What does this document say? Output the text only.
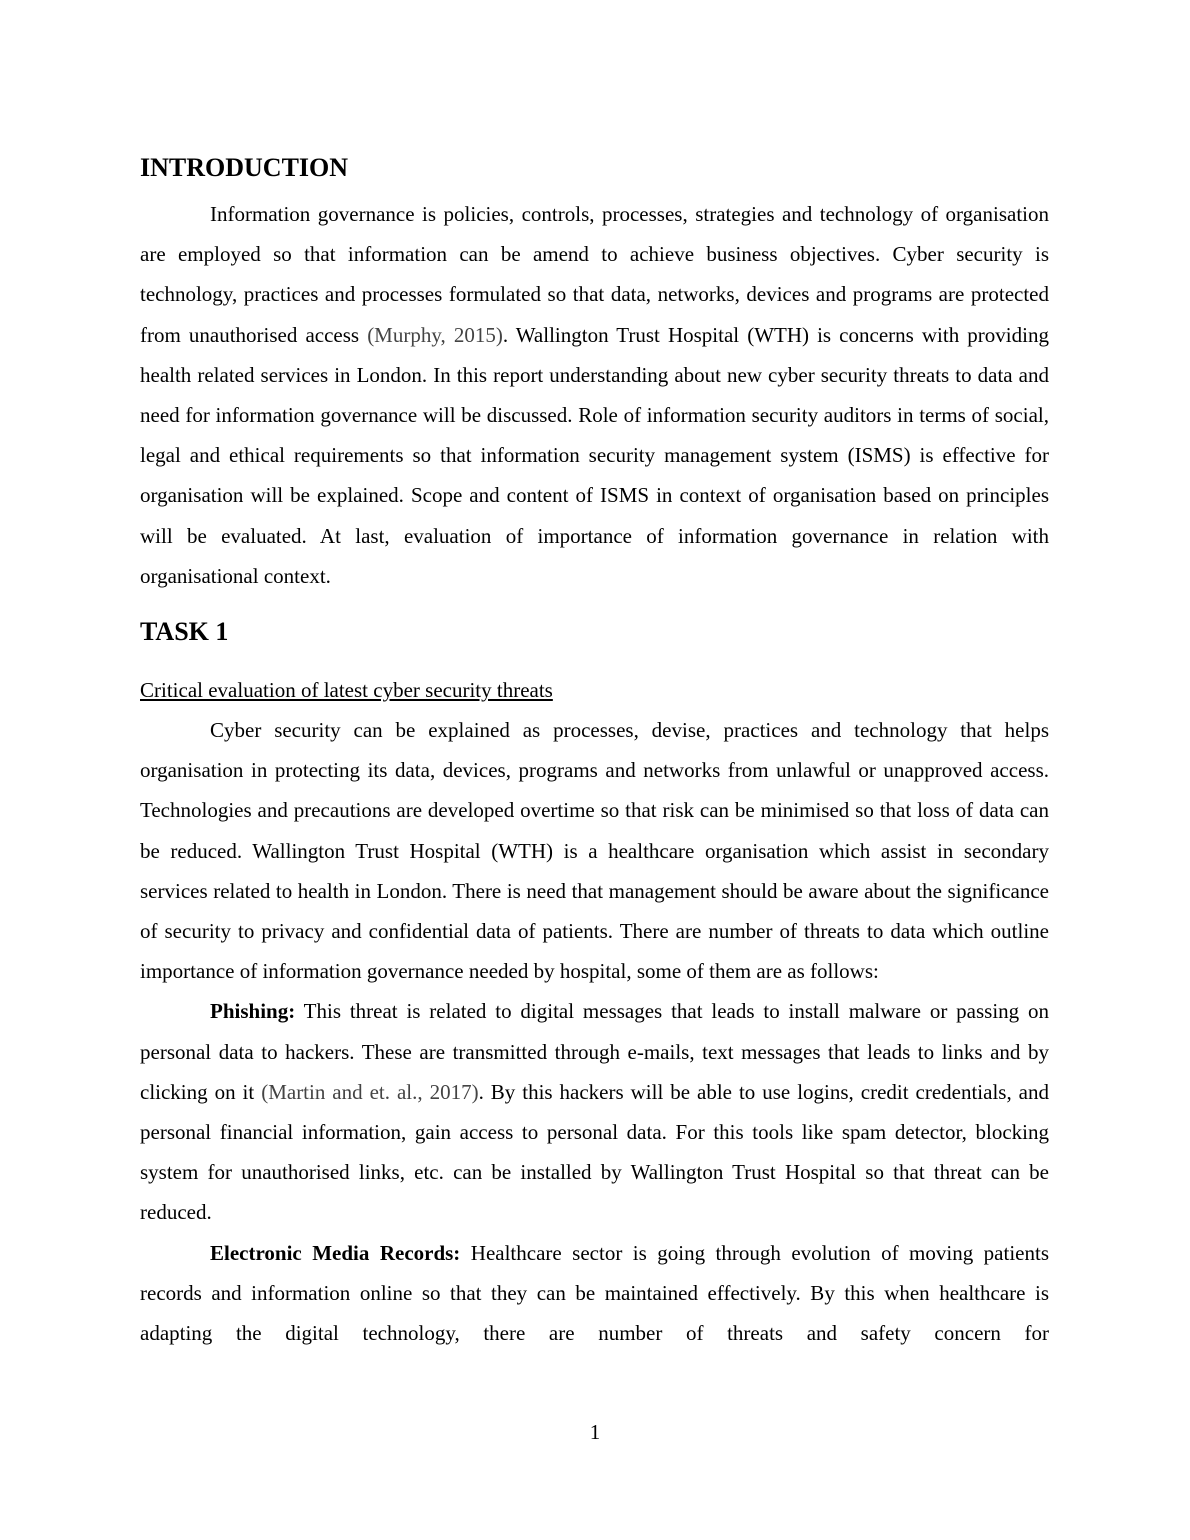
INTRODUCTION

Information governance is policies, controls, processes, strategies and technology of organisation are employed so that information can be amend to achieve business objectives. Cyber security is technology, practices and processes formulated so that data, networks, devices and programs are protected from unauthorised access (Murphy, 2015). Wallington Trust Hospital (WTH) is concerns with providing health related services in London. In this report understanding about new cyber security threats to data and need for information governance will be discussed. Role of information security auditors in terms of social, legal and ethical requirements so that information security management system (ISMS) is effective for organisation will be explained. Scope and content of ISMS in context of organisation based on principles will be evaluated. At last, evaluation of importance of information governance in relation with organisational context.

TASK 1
Critical evaluation of latest cyber security threats

Cyber security can be explained as processes, devise, practices and technology that helps organisation in protecting its data, devices, programs and networks from unlawful or unapproved access. Technologies and precautions are developed overtime so that risk can be minimised so that loss of data can be reduced. Wallington Trust Hospital (WTH) is a healthcare organisation which assist in secondary services related to health in London. There is need that management should be aware about the significance of security to privacy and confidential data of patients. There are number of threats to data which outline importance of information governance needed by hospital, some of them are as follows:

Phishing: This threat is related to digital messages that leads to install malware or passing on personal data to hackers. These are transmitted through e-mails, text messages that leads to links and by clicking on it (Martin and et. al., 2017). By this hackers will be able to use logins, credit credentials, and personal financial information, gain access to personal data. For this tools like spam detector, blocking system for unauthorised links, etc. can be installed by Wallington Trust Hospital so that threat can be reduced.

Electronic Media Records: Healthcare sector is going through evolution of moving patients records and information online so that they can be maintained effectively. By this when healthcare is adapting the digital technology, there are number of threats and safety concern for

1
